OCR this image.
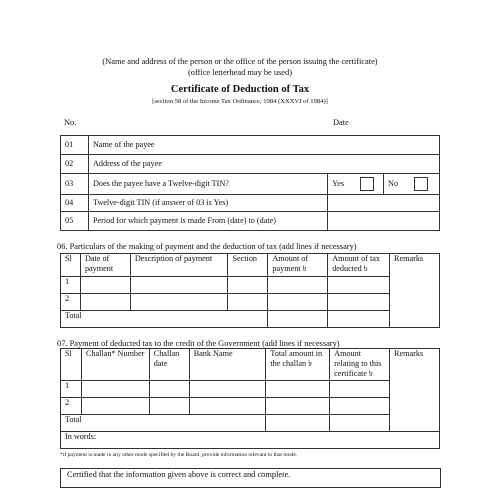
(Name and address of the person or the office of the person issuing the certificate)
(office letterhead may be used)
Certificate of Deduction of Tax
[section 58 of the Income Tax Ordinance, 1984 (XXXVI of 1984)]
No.	Date
01	Name of the payee		
02	Address of the payee		
03	Does the payee have a Twelve-digit TIN?	Yes	No
04	Twelve-digit TIN (if answer of 03 is Yes)		
05	Period for which payment is made From (date) to (date)		
06. Particulars of the making of payment and the deduction of tax (add lines if necessary)
Sl	Date of payment	Description of payment	Section	Amount of payment ৳	Amount of tax deducted ৳	Remarks
1						
2						
Total						
07. Payment of deducted tax to the credit of the Government (add lines if necessary)
Sl	Challan* Number	Challan date	Bank Name	Total amount in the challan ৳	Amount relating to this certificate ৳	Remarks
1						
2						
Total						
In words:						
*if payment is made in any other mode specified by the Board, provide information relevant to that mode.
Certified that the information given above is correct and complete.
